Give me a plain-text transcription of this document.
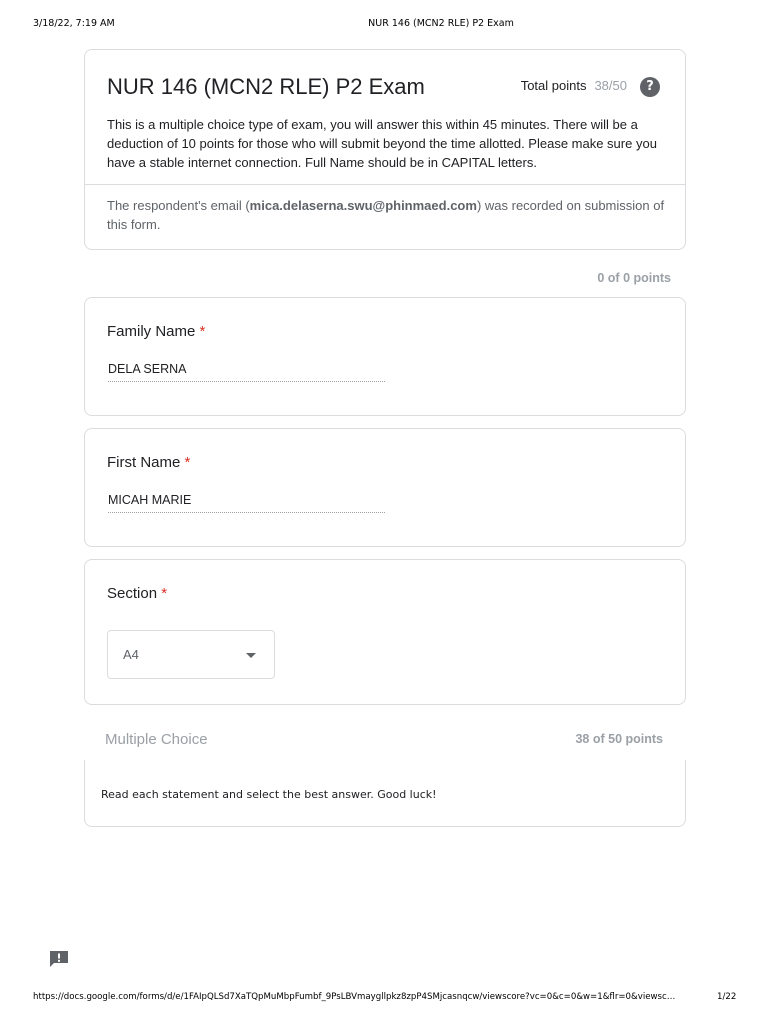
3/18/22, 7:19 AM	NUR 146 (MCN2 RLE) P2 Exam
NUR 146 (MCN2 RLE) P2 Exam	Total points 38/50	?
This is a multiple choice type of exam, you will answer this within 45 minutes. There will be a deduction of 10 points for those who will submit beyond the time allotted. Please make sure you have a stable internet connection. Full Name should be in CAPITAL letters.
The respondent's email (mica.delaserna.swu@phinmaed.com) was recorded on submission of this form.
0 of 0 points
Family Name *
DELA SERNA
First Name *
MICAH MARIE
Section *
A4
Multiple Choice	38 of 50 points
Read each statement and select the best answer. Good luck!
https://docs.google.com/forms/d/e/1FAIpQLSd7XaTQpMuMbpFumbf_9PsLBVmaygllpkz8zpP4SMjcasnqcw/viewscore?vc=0&c=0&w=1&flr=0&viewsc…	1/22
